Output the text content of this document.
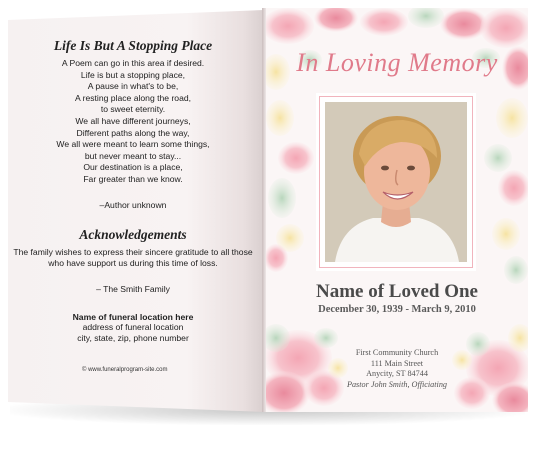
Life Is But A Stopping Place

A Poem can go in this area if desired.

Life is but a stopping place,

A pause in what's to be,

A resting place along the road,

to sweet eternity.

We all have different journeys,

Different paths along the way,

We all were meant to learn some things,

but never meant to stay...

Our destination is a place,

Far greater than we know.

–Author unknown

Acknowledgements

The family wishes to express their sincere gratitude to all those who have support us during this time of loss.

– The Smith Family

Name of funeral location here

address of funeral location

city, state, zip, phone number

© www.funeralprogram-site.com
In Loving Memory
Name of Loved One
December 30, 1939 - March 9, 2010
First Community Church
111 Main Street
Anycity, ST 84744
Pastor John Smith, Officiating
